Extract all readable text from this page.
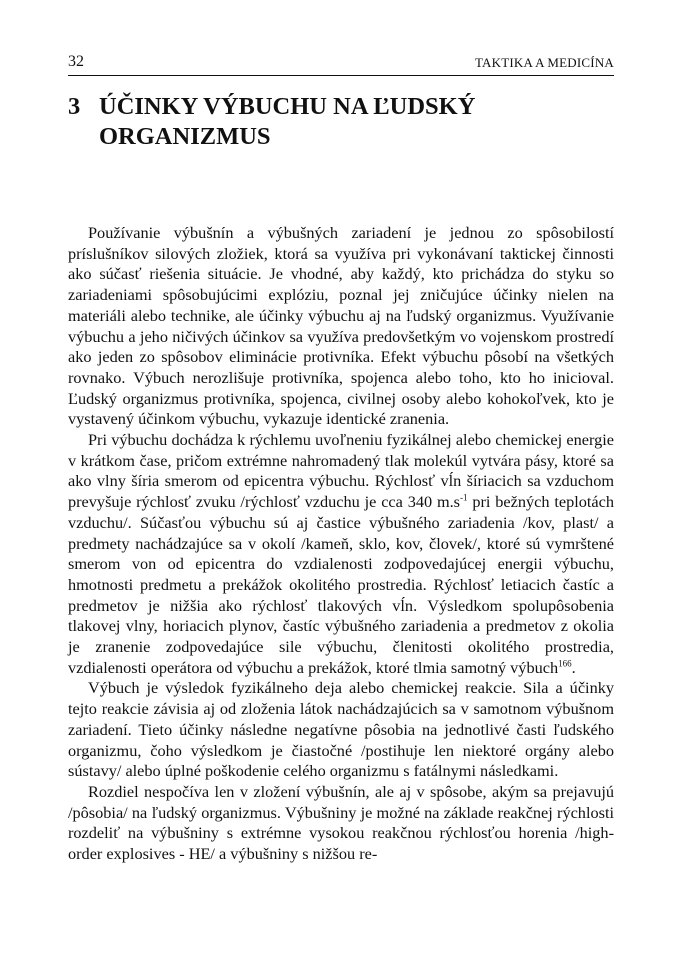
32	TAKTIKA A MEDICÍNA
3 ÚČINKY VÝBUCHU NA ĽUDSKÝ ORGANIZMUS

Používanie výbušnín a výbušných zariadení je jednou zo spôsobilostí príslušníkov silových zložiek, ktorá sa využíva pri vykonávaní taktickej činnosti ako súčasť riešenia situácie. Je vhodné, aby každý, kto prichádza do styku so zariadeniami spôsobujúcimi explóziu, poznal jej zničujúce účinky nielen na materiáli alebo technike, ale účinky výbuchu aj na ľudský organizmus. Využívanie výbuchu a jeho ničivých účinkov sa využíva predovšetkým vo vojenskom prostredí ako jeden zo spôsobov eliminácie protivníka. Efekt výbuchu pôsobí na všetkých rovnako. Výbuch nerozlišuje protivníka, spojenca alebo toho, kto ho inicioval. Ľudský organizmus protivníka, spojenca, civilnej osoby alebo kohokoľvek, kto je vystavený účinkom výbuchu, vykazuje identické zranenia.

Pri výbuchu dochádza k rýchlemu uvoľneniu fyzikálnej alebo chemickej energie v krátkom čase, pričom extrémne nahromadený tlak molekúl vytvára pásy, ktoré sa ako vlny šíria smerom od epicentra výbuchu. Rýchlosť vĺn šíriacich sa vzduchom prevyšuje rýchlosť zvuku /rýchlosť vzduchu je cca 340 $m.s^{-1}$ pri bežných teplotách vzduchu/. Súčasťou výbuchu sú aj častice výbušného zariadenia /kov, plast/ a predmety nachádzajúce sa v okolí /kameň, sklo, kov, človek/, ktoré sú vymrštené smerom von od epicentra do vzdialenosti zodpovedajúcej energii výbuchu, hmotnosti predmetu a prekážok okolitého prostredia. Rýchlosť letiacich častíc a predmetov je nižšia ako rýchlosť tlakových vĺn. Výsledkom spolupôsobenia tlakovej vlny, horiacich plynov, častíc výbušného zariadenia a predmetov z okolia je zranenie zodpovedajúce sile výbuchu, členitosti okolitého prostredia, vzdialenosti operátora od výbuchu a prekážok, ktoré tlmia samotný výbuch$^{166}$.

Výbuch je výsledok fyzikálneho deja alebo chemickej reakcie. Sila a účinky tejto reakcie závisia aj od zloženia látok nachádzajúcich sa v samotnom výbušnom zariadení. Tieto účinky následne negatívne pôsobia na jednotlivé časti ľudského organizmu, čoho výsledkom je čiastočné /postihuje len niektoré orgány alebo sústavy/ alebo úplné poškodenie celého organizmu s fatálnymi následkami.

Rozdiel nespočíva len v zložení výbušnín, ale aj v spôsobe, akým sa prejavujú /pôsobia/ na ľudský organizmus. Výbušniny je možné na základe reakčnej rýchlosti rozdeliť na výbušniny s extrémne vysokou reakčnou rýchlosťou horenia /high-order explosives - HE/ a výbušniny s nižšou re-
